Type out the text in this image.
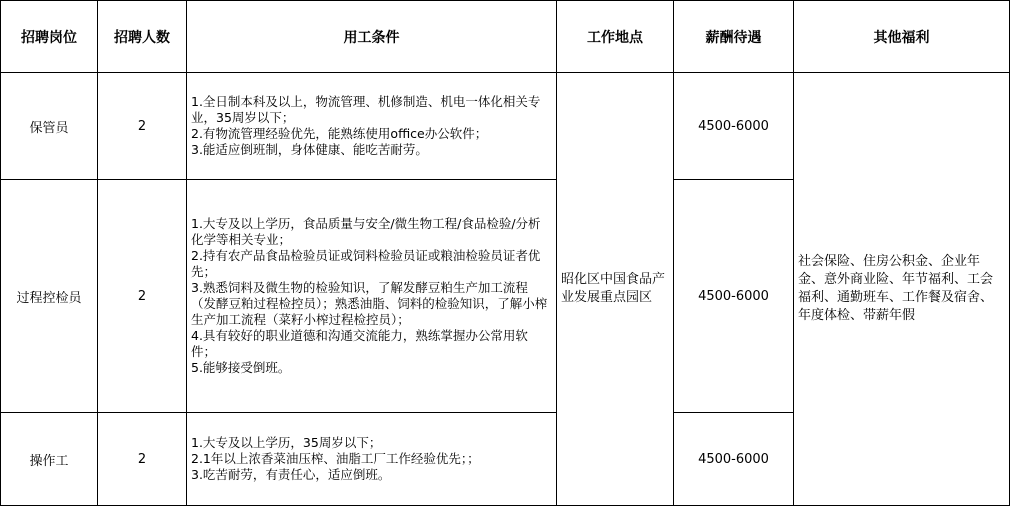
招聘岗位	招聘人数	用工条件	工作地点	薪酬待遇	其他福利
保管员	2	1.全日制本科及以上，物流管理、机修制造、机电一体化相关专业，35周岁以下；
2.有物流管理经验优先，能熟练使用office办公软件；
3.能适应倒班制，身体健康、能吃苦耐劳。	昭化区中国食品产业发展重点园区	4500-6000	社会保险、住房公积金、企业年金、意外商业险、年节福利、工会福利、通勤班车、工作餐及宿舍、年度体检、带薪年假
过程控检员	2	1.大专及以上学历，食品质量与安全/微生物工程/食品检验/分析化学等相关专业；
2.持有农产品食品检验员证或饲料检验员证或粮油检验员证者优先；
3.熟悉饲料及微生物的检验知识，了解发酵豆粕生产加工流程（发酵豆粕过程检控员）；熟悉油脂、饲料的检验知识，了解小榨生产加工流程（菜籽小榨过程检控员）；
4.具有较好的职业道德和沟通交流能力，熟练掌握办公常用软件；
5.能够接受倒班。		4500-6000	
操作工	2	1.大专及以上学历，35周岁以下；
2.1年以上浓香菜油压榨、油脂工厂工作经验优先；；
3.吃苦耐劳，有责任心，适应倒班。		4500-6000	
